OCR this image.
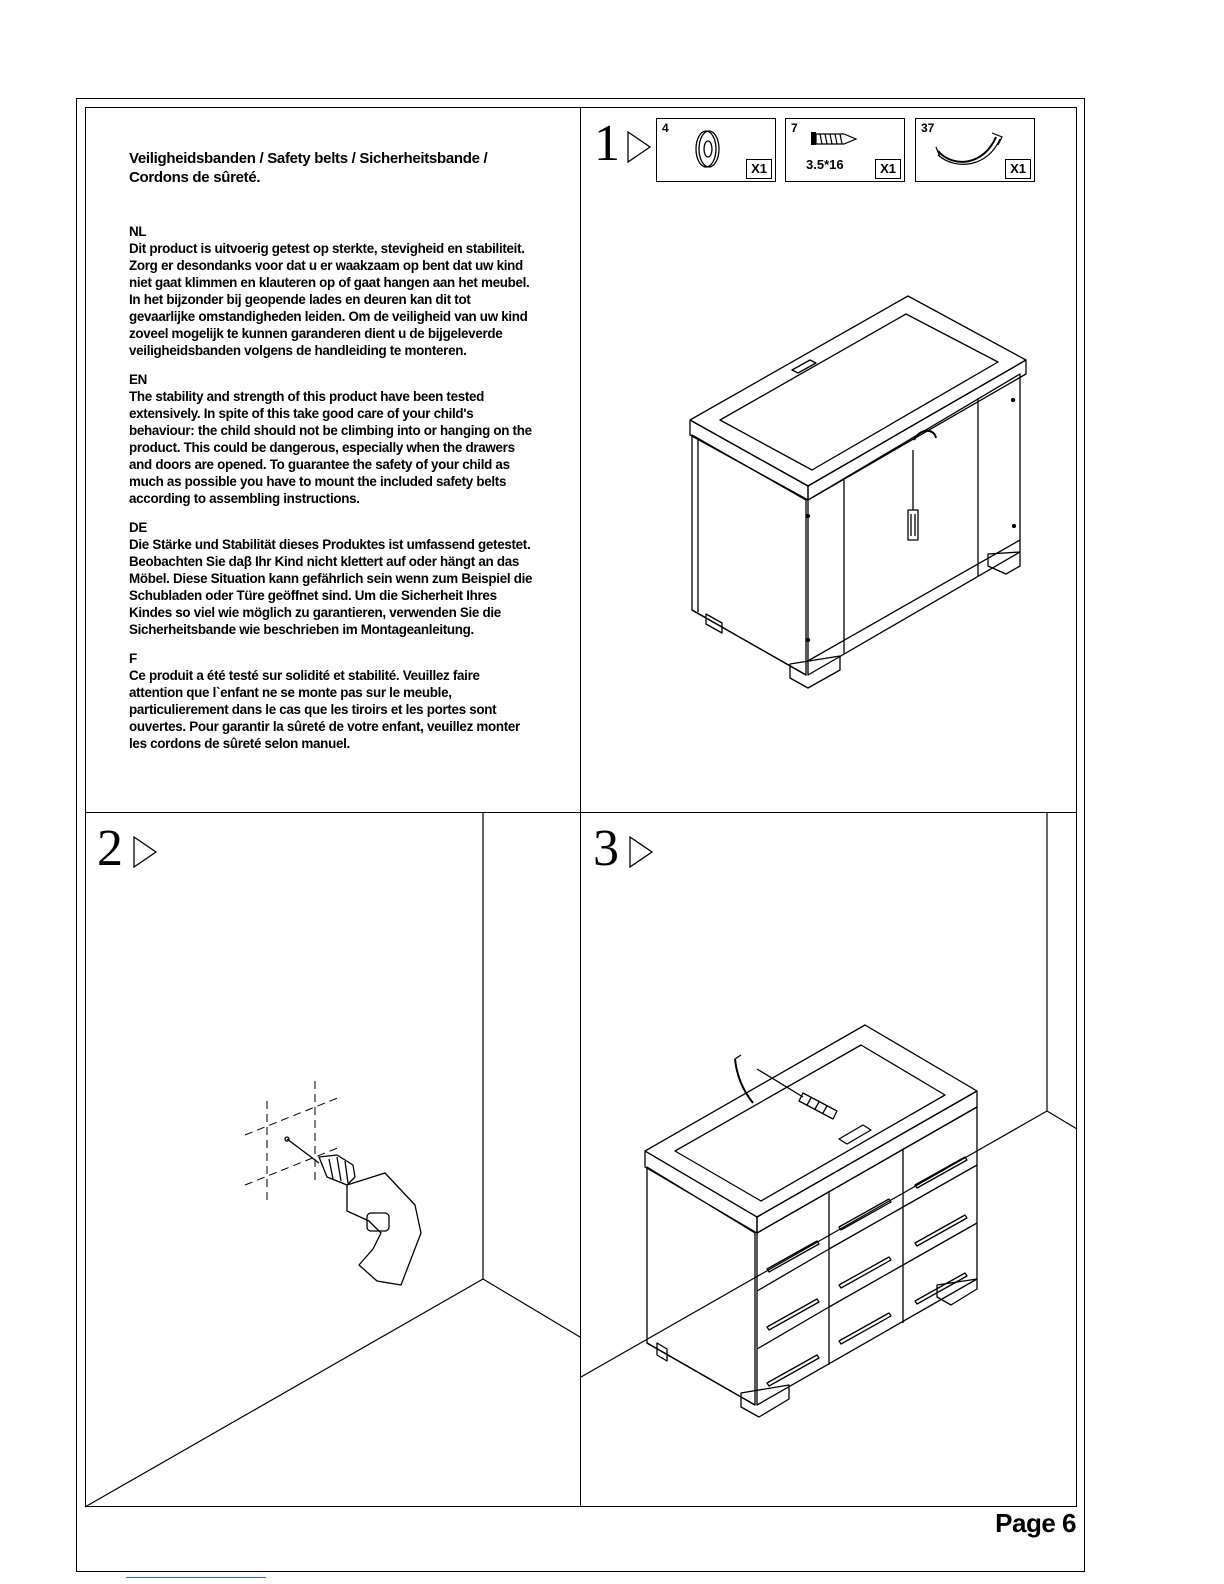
Veiligheidsbanden / Safety belts / Sicherheitsbande /
Cordons de sûreté.

NL

Dit product is uitvoerig getest op sterkte, stevigheid en stabiliteit.
Zorg er desondanks voor dat u er waakzaam op bent dat uw kind
niet gaat klimmen en klauteren op of gaat hangen aan het meubel.
In het bijzonder bij geopende lades en deuren kan dit tot
gevaarlijke omstandigheden leiden. Om de veiligheid van uw kind
zoveel mogelijk te kunnen garanderen dient u de bijgeleverde
veiligheidsbanden volgens de handleiding te monteren.

EN

The stability and strength of this product have been tested
extensively. In spite of this take good care of your child's
behaviour: the child should not be climbing into or hanging on the
product. This could be dangerous, especially when the drawers
and doors are opened. To guarantee the safety of your child as
much as possible you have to mount the included safety belts
according to assembling instructions.

DE

Die Stärke und Stabilität dieses Produktes ist umfassend getestet.
Beobachten Sie daβ Ihr Kind nicht klettert auf oder hängt an das
Möbel. Diese Situation kann gefährlich sein wenn zum Beispiel die
Schubladen oder Türe geöffnet sind. Um die Sicherheit Ihres
Kindes so viel wie möglich zu garantieren, verwenden Sie die
Sicherheitsbande wie beschrieben im Montageanleitung.

F

Ce produit a été testé sur solidité et stabilité. Veuillez faire
attention que l`enfant ne se monte pas sur le meuble,
particulierement dans le cas que les tiroirs et les portes sont
ouvertes. Pour garantir la sûreté de votre enfant, veuillez monter
les cordons de sûreté selon manuel.

1
2	3
4
X1
7
3.5*16	X1
37
X1
Page 6
